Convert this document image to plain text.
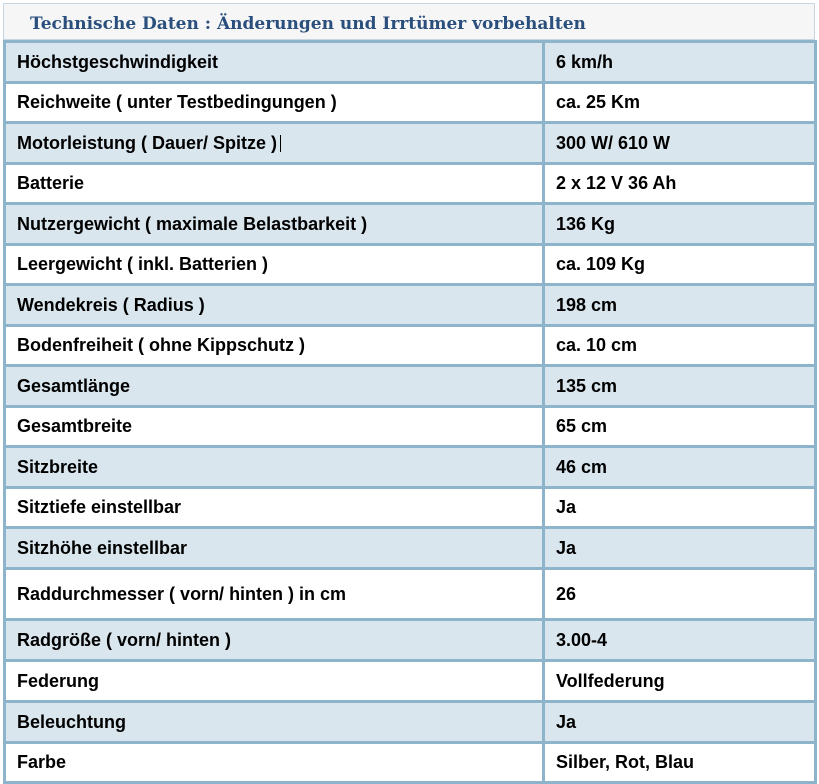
Technische Daten : Änderungen und Irrtümer vorbehalten
Höchstgeschwindigkeit	6 km/h
Reichweite ( unter Testbedingungen )	ca. 25 Km
Motorleistung ( Dauer/ Spitze )	300 W/ 610 W
Batterie	2 x 12 V 36 Ah
Nutzergewicht ( maximale Belastbarkeit )	136 Kg
Leergewicht ( inkl. Batterien )	ca. 109 Kg
Wendekreis ( Radius )	198 cm
Bodenfreiheit ( ohne Kippschutz )	ca. 10 cm
Gesamtlänge	135 cm
Gesamtbreite	65 cm
Sitzbreite	46 cm
Sitztiefe einstellbar	Ja
Sitzhöhe einstellbar	Ja
Raddurchmesser ( vorn/ hinten ) in cm	26
Radgröße ( vorn/ hinten )	3.00-4
Federung	Vollfederung
Beleuchtung	Ja
Farbe	Silber, Rot, Blau
